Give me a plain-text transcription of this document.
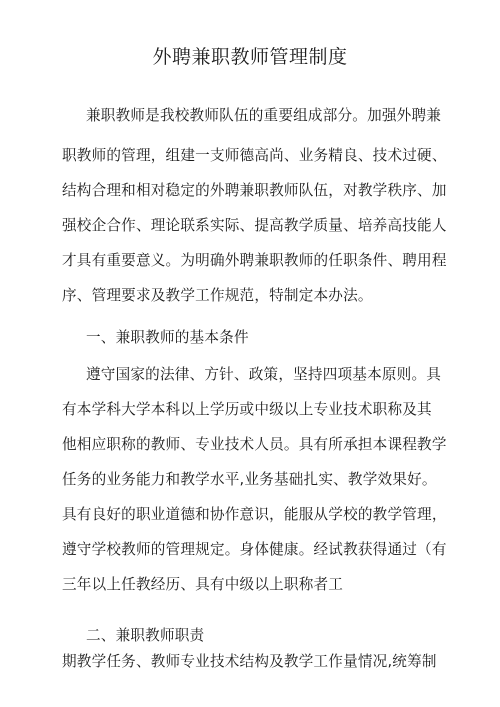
外聘兼职教师管理制度
兼职教师是我校教师队伍的重要组成部分。加强外聘兼
职教师的管理，组建一支师德高尚、业务精良、技术过硬、
结构合理和相对稳定的外聘兼职教师队伍，对教学秩序、加
强校企合作、理论联系实际、提高教学质量、培养高技能人
才具有重要意义。为明确外聘兼职教师的任职条件、聘用程
序、管理要求及教学工作规范，特制定本办法。
一、兼职教师的基本条件
遵守国家的法律、方针、政策，坚持四项基本原则。具
有本学科大学本科以上学历或中级以上专业技术职称及其
他相应职称的教师、专业技术人员。具有所承担本课程教学
任务的业务能力和教学水平,业务基础扎实、教学效果好。
具有良好的职业道德和协作意识，能服从学校的教学管理，
遵守学校教师的管理规定。身体健康。经试教获得通过（有
三年以上任教经历、具有中级以上职称者工
二、兼职教师职责
期教学任务、教师专业技术结构及教学工作量情况,统筹制
